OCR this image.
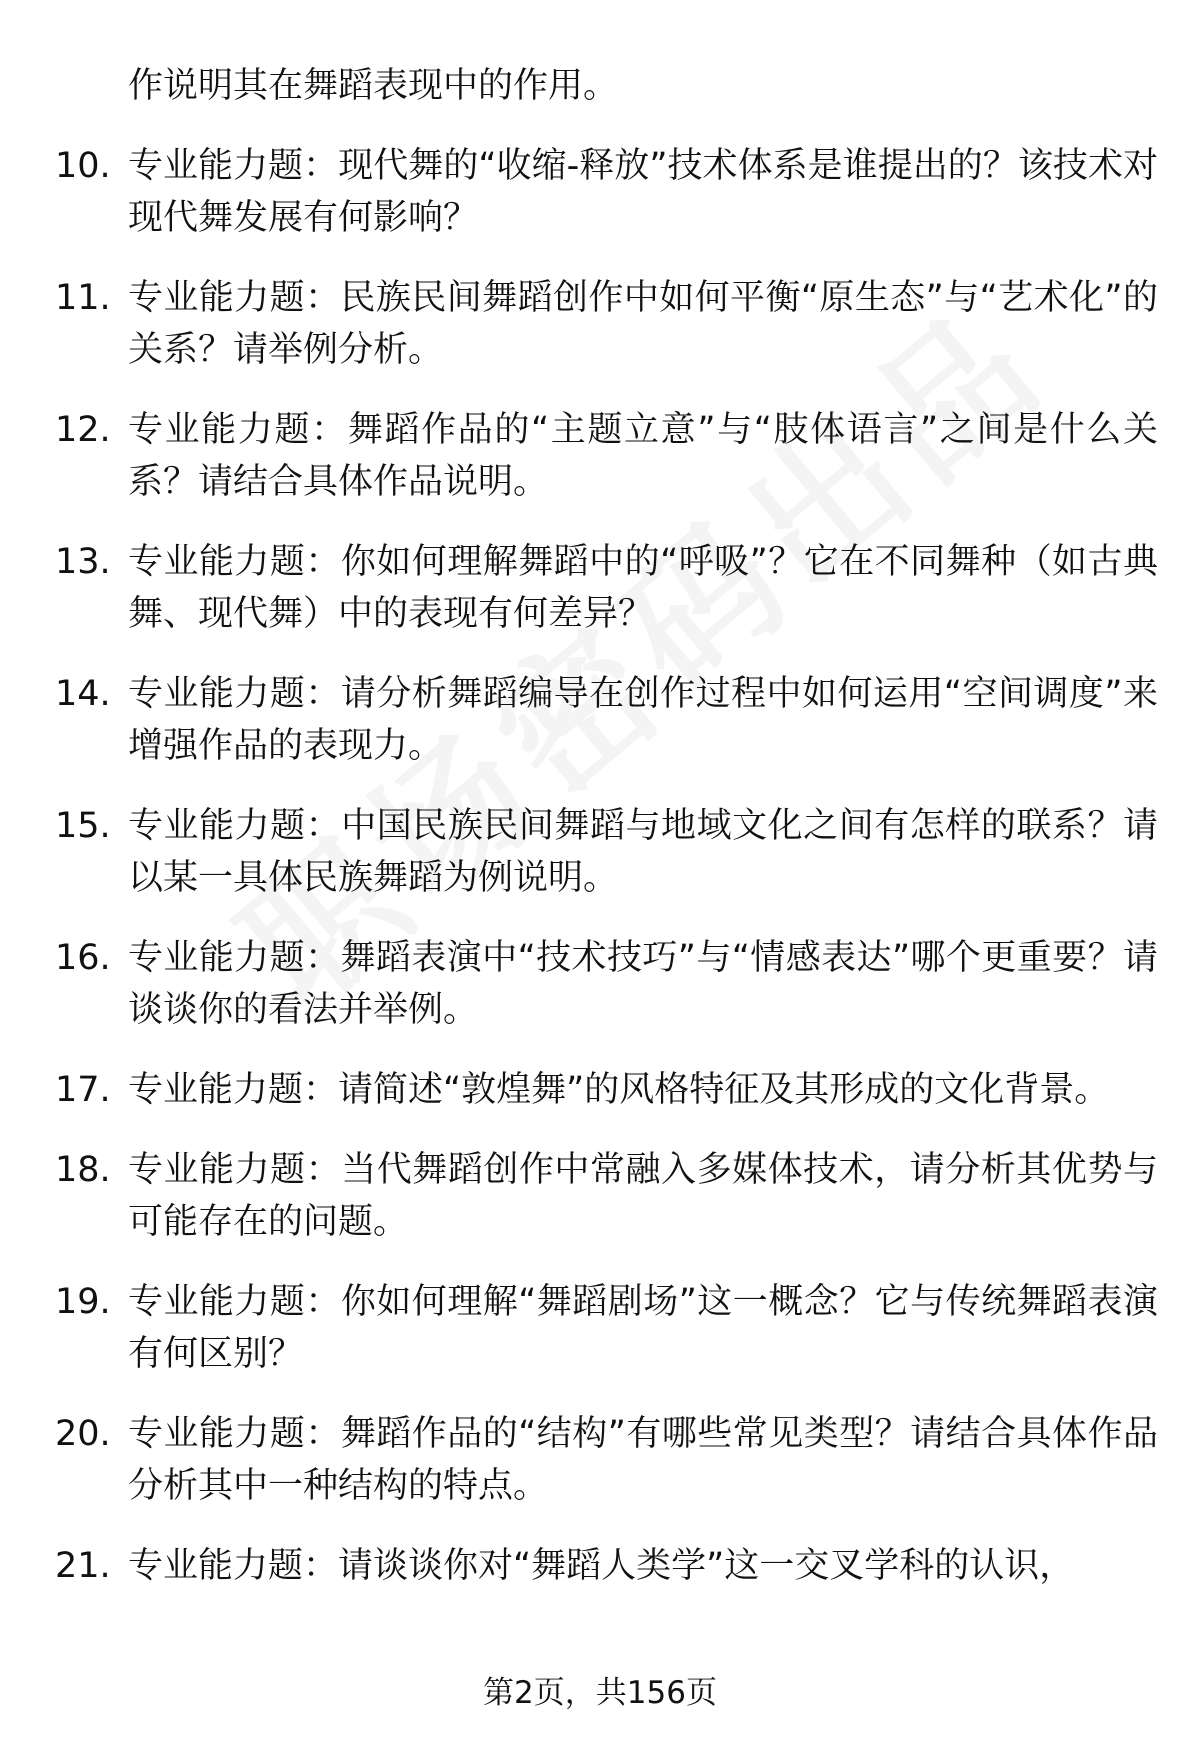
作说明其在舞蹈表现中的作用。
10. 专业能力题：现代舞的“收缩-释放”技术体系是谁提出的？该技术对现代舞发展有何影响？
11. 专业能力题：民族民间舞蹈创作中如何平衡“原生态”与“艺术化”的关系？请举例分析。
12. 专业能力题：舞蹈作品的“主题立意”与“肢体语言”之间是什么关系？请结合具体作品说明。
13. 专业能力题：你如何理解舞蹈中的“呼吸”？它在不同舞种（如古典舞、现代舞）中的表现有何差异？
14. 专业能力题：请分析舞蹈编导在创作过程中如何运用“空间调度”来增强作品的表现力。
15. 专业能力题：中国民族民间舞蹈与地域文化之间有怎样的联系？请以某一具体民族舞蹈为例说明。
16. 专业能力题：舞蹈表演中“技术技巧”与“情感表达”哪个更重要？请谈谈你的看法并举例。
17. 专业能力题：请简述“敦煌舞”的风格特征及其形成的文化背景。
18. 专业能力题：当代舞蹈创作中常融入多媒体技术，请分析其优势与可能存在的问题。
19. 专业能力题：你如何理解“舞蹈剧场”这一概念？它与传统舞蹈表演有何区别？
20. 专业能力题：舞蹈作品的“结构”有哪些常见类型？请结合具体作品分析其中一种结构的特点。
21. 专业能力题：请谈谈你对“舞蹈人类学”这一交叉学科的认识，
第2页，共156页
